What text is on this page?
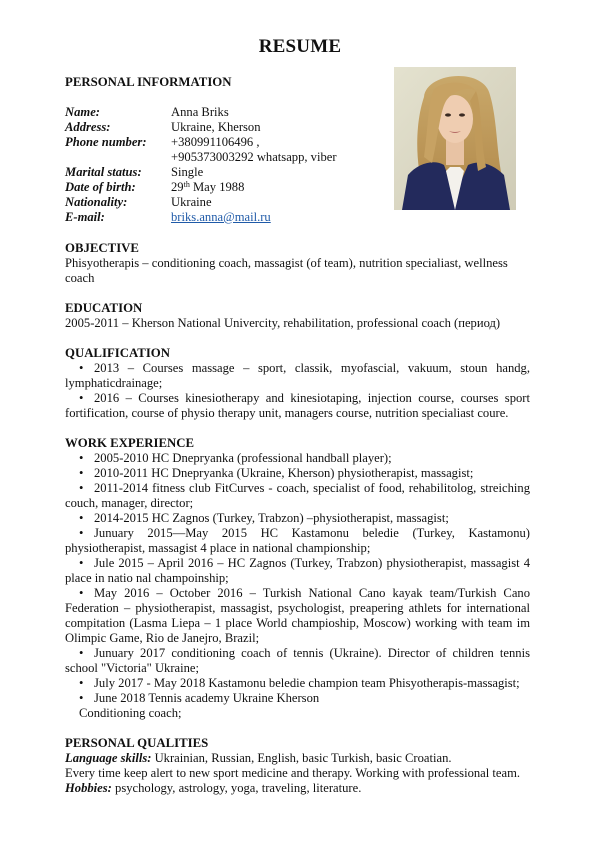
RESUME
PERSONAL INFORMATION
Name:	Anna Briks
Address:	Ukraine, Kherson
Phone number:	+380991106496 ,
+905373003292 whatsapp, viber
Marital status:	Single
Date of birth:	29th May 1988
Nationality:	Ukraine
E-mail:	briks.anna@mail.ru
OBJECTIVE

Phisyotherapis – conditioning coach, massagist (of team), nutrition specialiast, wellness coach

EDUCATION

2005-2011 – Kherson National Univercity, rehabilitation, professional coach (период)

QUALIFICATION
• 2013 – Courses massage – sport, classik, myofascial, vakuum, stoun handg, lymphaticdrainage;
• 2016 – Courses kinesiotherapy and kinesiotaping, injection course, courses sport fortification, course of physio therapy unit, managers course, nutrition specialiast coure.
WORK EXPERIENCE
• 2005-2010 HC Dnepryanka (professional handball player);
• 2010-2011 HC Dnepryanka (Ukraine, Kherson) physiotherapist, massagist;
• 2011-2014 fitness club FitCurves - coach, specialist of food, rehabilitolog, streiching couch, manager, director;
• 2014-2015 HC Zagnos (Turkey, Trabzon) –physiotherapist, massagist;
• Junuary 2015—May 2015 HC Kastamonu beledie (Turkey, Kastamonu) physiotherapist, massagist 4 place in national championship;
• Jule 2015 – April 2016 – HC Zagnos (Turkey, Trabzon) physiotherapist, massagist 4 place in natio nal champoinship;
• May 2016 – October 2016 – Turkish National Cano kayak team/Turkish Cano Federation – physiotherapist, massagist, psychologist, preapering athlets for international compitation (Lasma Liepa – 1 place World champioship, Moscow) working with team im Olimpic Game, Rio de Janejro, Brazil;
• Junuary 2017 conditioning coach of tennis (Ukraine). Director of children tennis school "Victoria" Ukraine;
• July 2017 - May 2018 Kastamonu beledie champion team Phisyotherapis-massagist;
• June 2018 Tennis academy Ukraine Kherson
Conditioning coach;
PERSONAL QUALITIES

Language skills: Ukrainian, Russian, English, basic Turkish, basic Croatian.

Every time keep alert to new sport medicine and therapy. Working with professional team.

Hobbies: psychology, astrology, yoga, traveling, literature.
